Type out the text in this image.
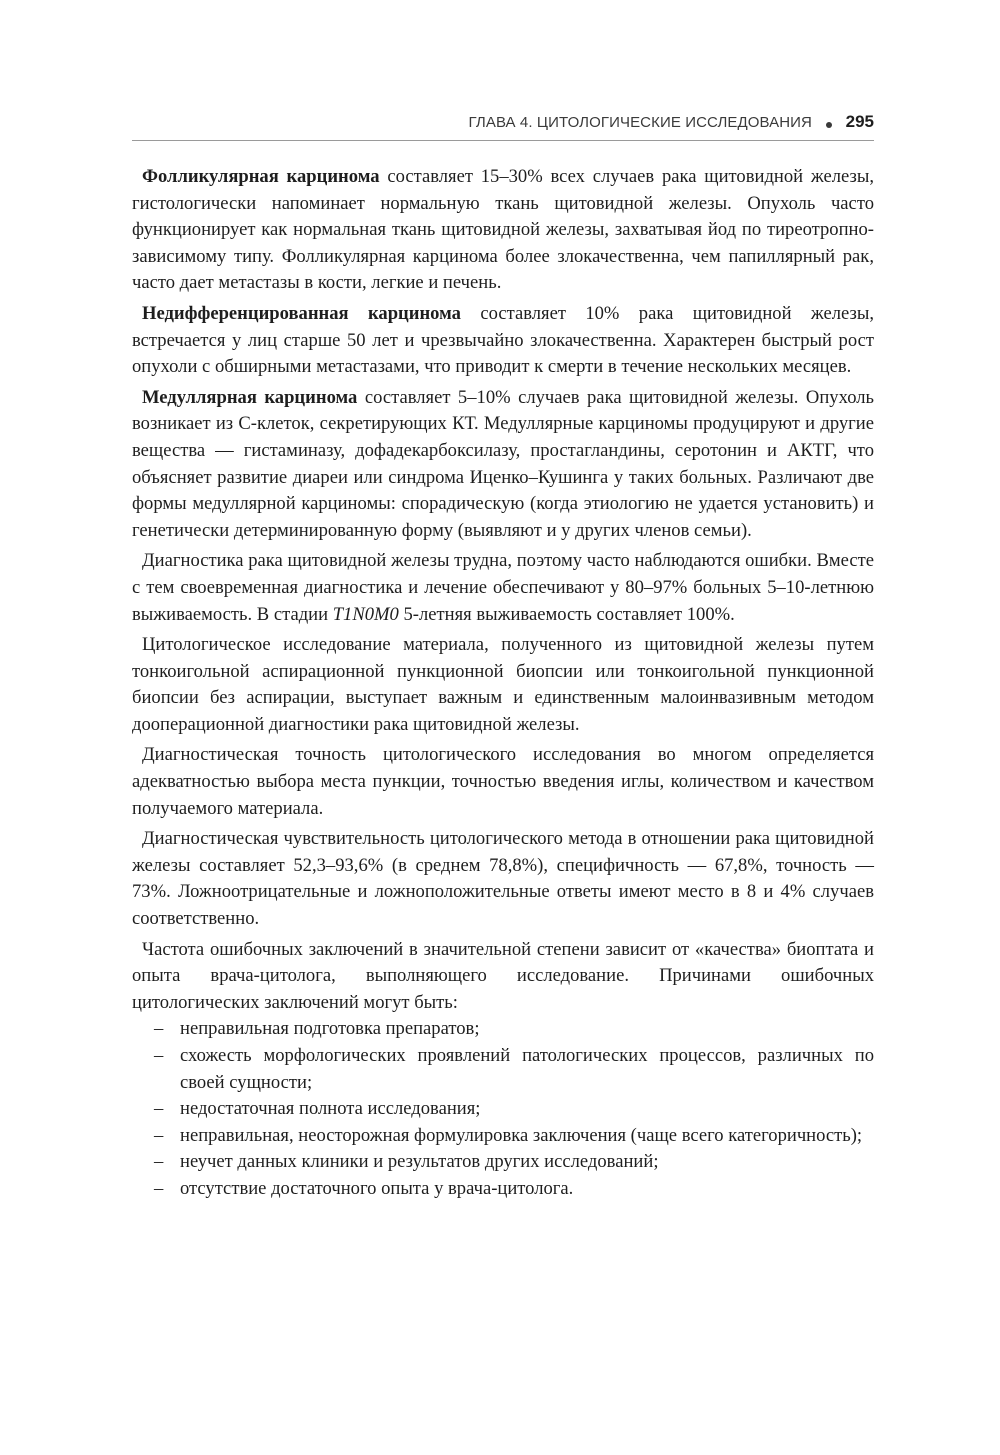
ГЛАВА 4. ЦИТОЛОГИЧЕСКИЕ ИССЛЕДОВАНИЯ 295

Фолликулярная карцинома составляет 15–30% всех случаев рака щитовидной железы, гистологически напоминает нормальную ткань щитовидной железы. Опухоль часто функционирует как нормальная ткань щитовидной железы, захватывая йод по тиреотропно-зависимому типу. Фолликулярная карцинома более злокачественна, чем папиллярный рак, часто дает метастазы в кости, легкие и печень.

Недифференцированная карцинома составляет 10% рака щитовидной железы, встречается у лиц старше 50 лет и чрезвычайно злокачественна. Характерен быстрый рост опухоли с обширными метастазами, что приводит к смерти в течение нескольких месяцев.

Медуллярная карцинома составляет 5–10% случаев рака щитовидной железы. Опухоль возникает из С-клеток, секретирующих КТ. Медуллярные карциномы продуцируют и другие вещества — гистаминазу, дофадекарбоксилазу, простагландины, серотонин и АКТГ, что объясняет развитие диареи или синдрома Иценко–Кушинга у таких больных. Различают две формы медуллярной карциномы: спорадическую (когда этиологию не удается установить) и генетически детерминированную форму (выявляют и у других членов семьи).

Диагностика рака щитовидной железы трудна, поэтому часто наблюдаются ошибки. Вместе с тем своевременная диагностика и лечение обеспечивают у 80–97% больных 5–10-летнюю выживаемость. В стадии T1N0M0 5-летняя выживаемость составляет 100%.

Цитологическое исследование материала, полученного из щитовидной железы путем тонкоигольной аспирационной пункционной биопсии или тонкоигольной пункционной биопсии без аспирации, выступает важным и единственным малоинвазивным методом дооперационной диагностики рака щитовидной железы.

Диагностическая точность цитологического исследования во многом определяется адекватностью выбора места пункции, точностью введения иглы, количеством и качеством получаемого материала.

Диагностическая чувствительность цитологического метода в отношении рака щитовидной железы составляет 52,3–93,6% (в среднем 78,8%), специфичность — 67,8%, точность — 73%. Ложноотрицательные и ложноположительные ответы имеют место в 8 и 4% случаев соответственно.

Частота ошибочных заключений в значительной степени зависит от «качества» биоптата и опыта врача-цитолога, выполняющего исследование. Причинами ошибочных цитологических заключений могут быть:

– неправильная подготовка препаратов;
– схожесть морфологических проявлений патологических процессов, различных по своей сущности;
– недостаточная полнота исследования;
– неправильная, неосторожная формулировка заключения (чаще всего категоричность);
– неучет данных клиники и результатов других исследований;
– отсутствие достаточного опыта у врача-цитолога.
